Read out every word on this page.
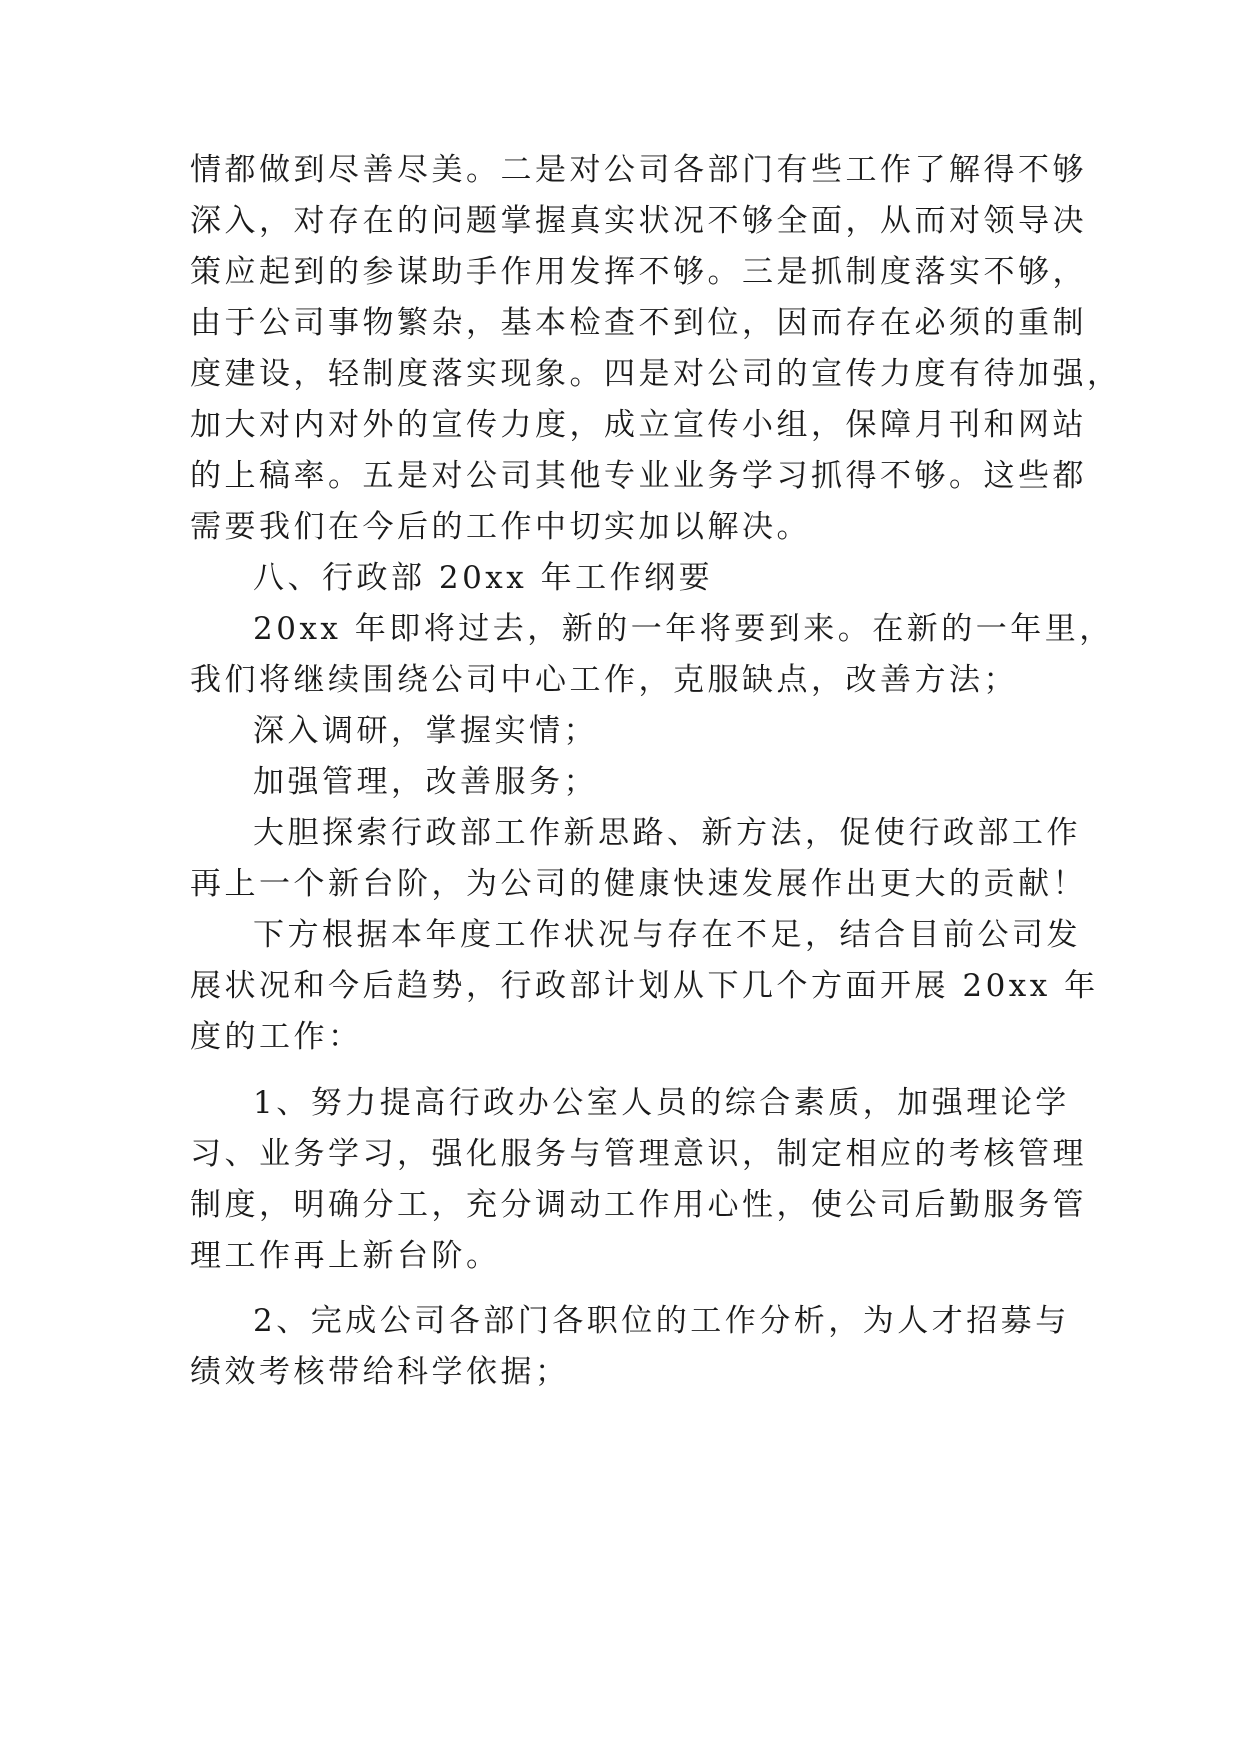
情都做到尽善尽美。二是对公司各部门有些工作了解得不够
深入，对存在的问题掌握真实状况不够全面，从而对领导决
策应起到的参谋助手作用发挥不够。三是抓制度落实不够，
由于公司事物繁杂，基本检查不到位，因而存在必须的重制
度建设，轻制度落实现象。四是对公司的宣传力度有待加强，
加大对内对外的宣传力度，成立宣传小组，保障月刊和网站
的上稿率。五是对公司其他专业业务学习抓得不够。这些都
需要我们在今后的工作中切实加以解决。
八、行政部 20xx 年工作纲要
20xx 年即将过去，新的一年将要到来。在新的一年里，
我们将继续围绕公司中心工作，克服缺点，改善方法；
深入调研，掌握实情；
加强管理，改善服务；
大胆探索行政部工作新思路、新方法，促使行政部工作
再上一个新台阶，为公司的健康快速发展作出更大的贡献！
下方根据本年度工作状况与存在不足，结合目前公司发
展状况和今后趋势，行政部计划从下几个方面开展 20xx 年
度的工作：
1、努力提高行政办公室人员的综合素质，加强理论学
习、业务学习，强化服务与管理意识，制定相应的考核管理
制度，明确分工，充分调动工作用心性，使公司后勤服务管
理工作再上新台阶。
2、完成公司各部门各职位的工作分析，为人才招募与
绩效考核带给科学依据；
